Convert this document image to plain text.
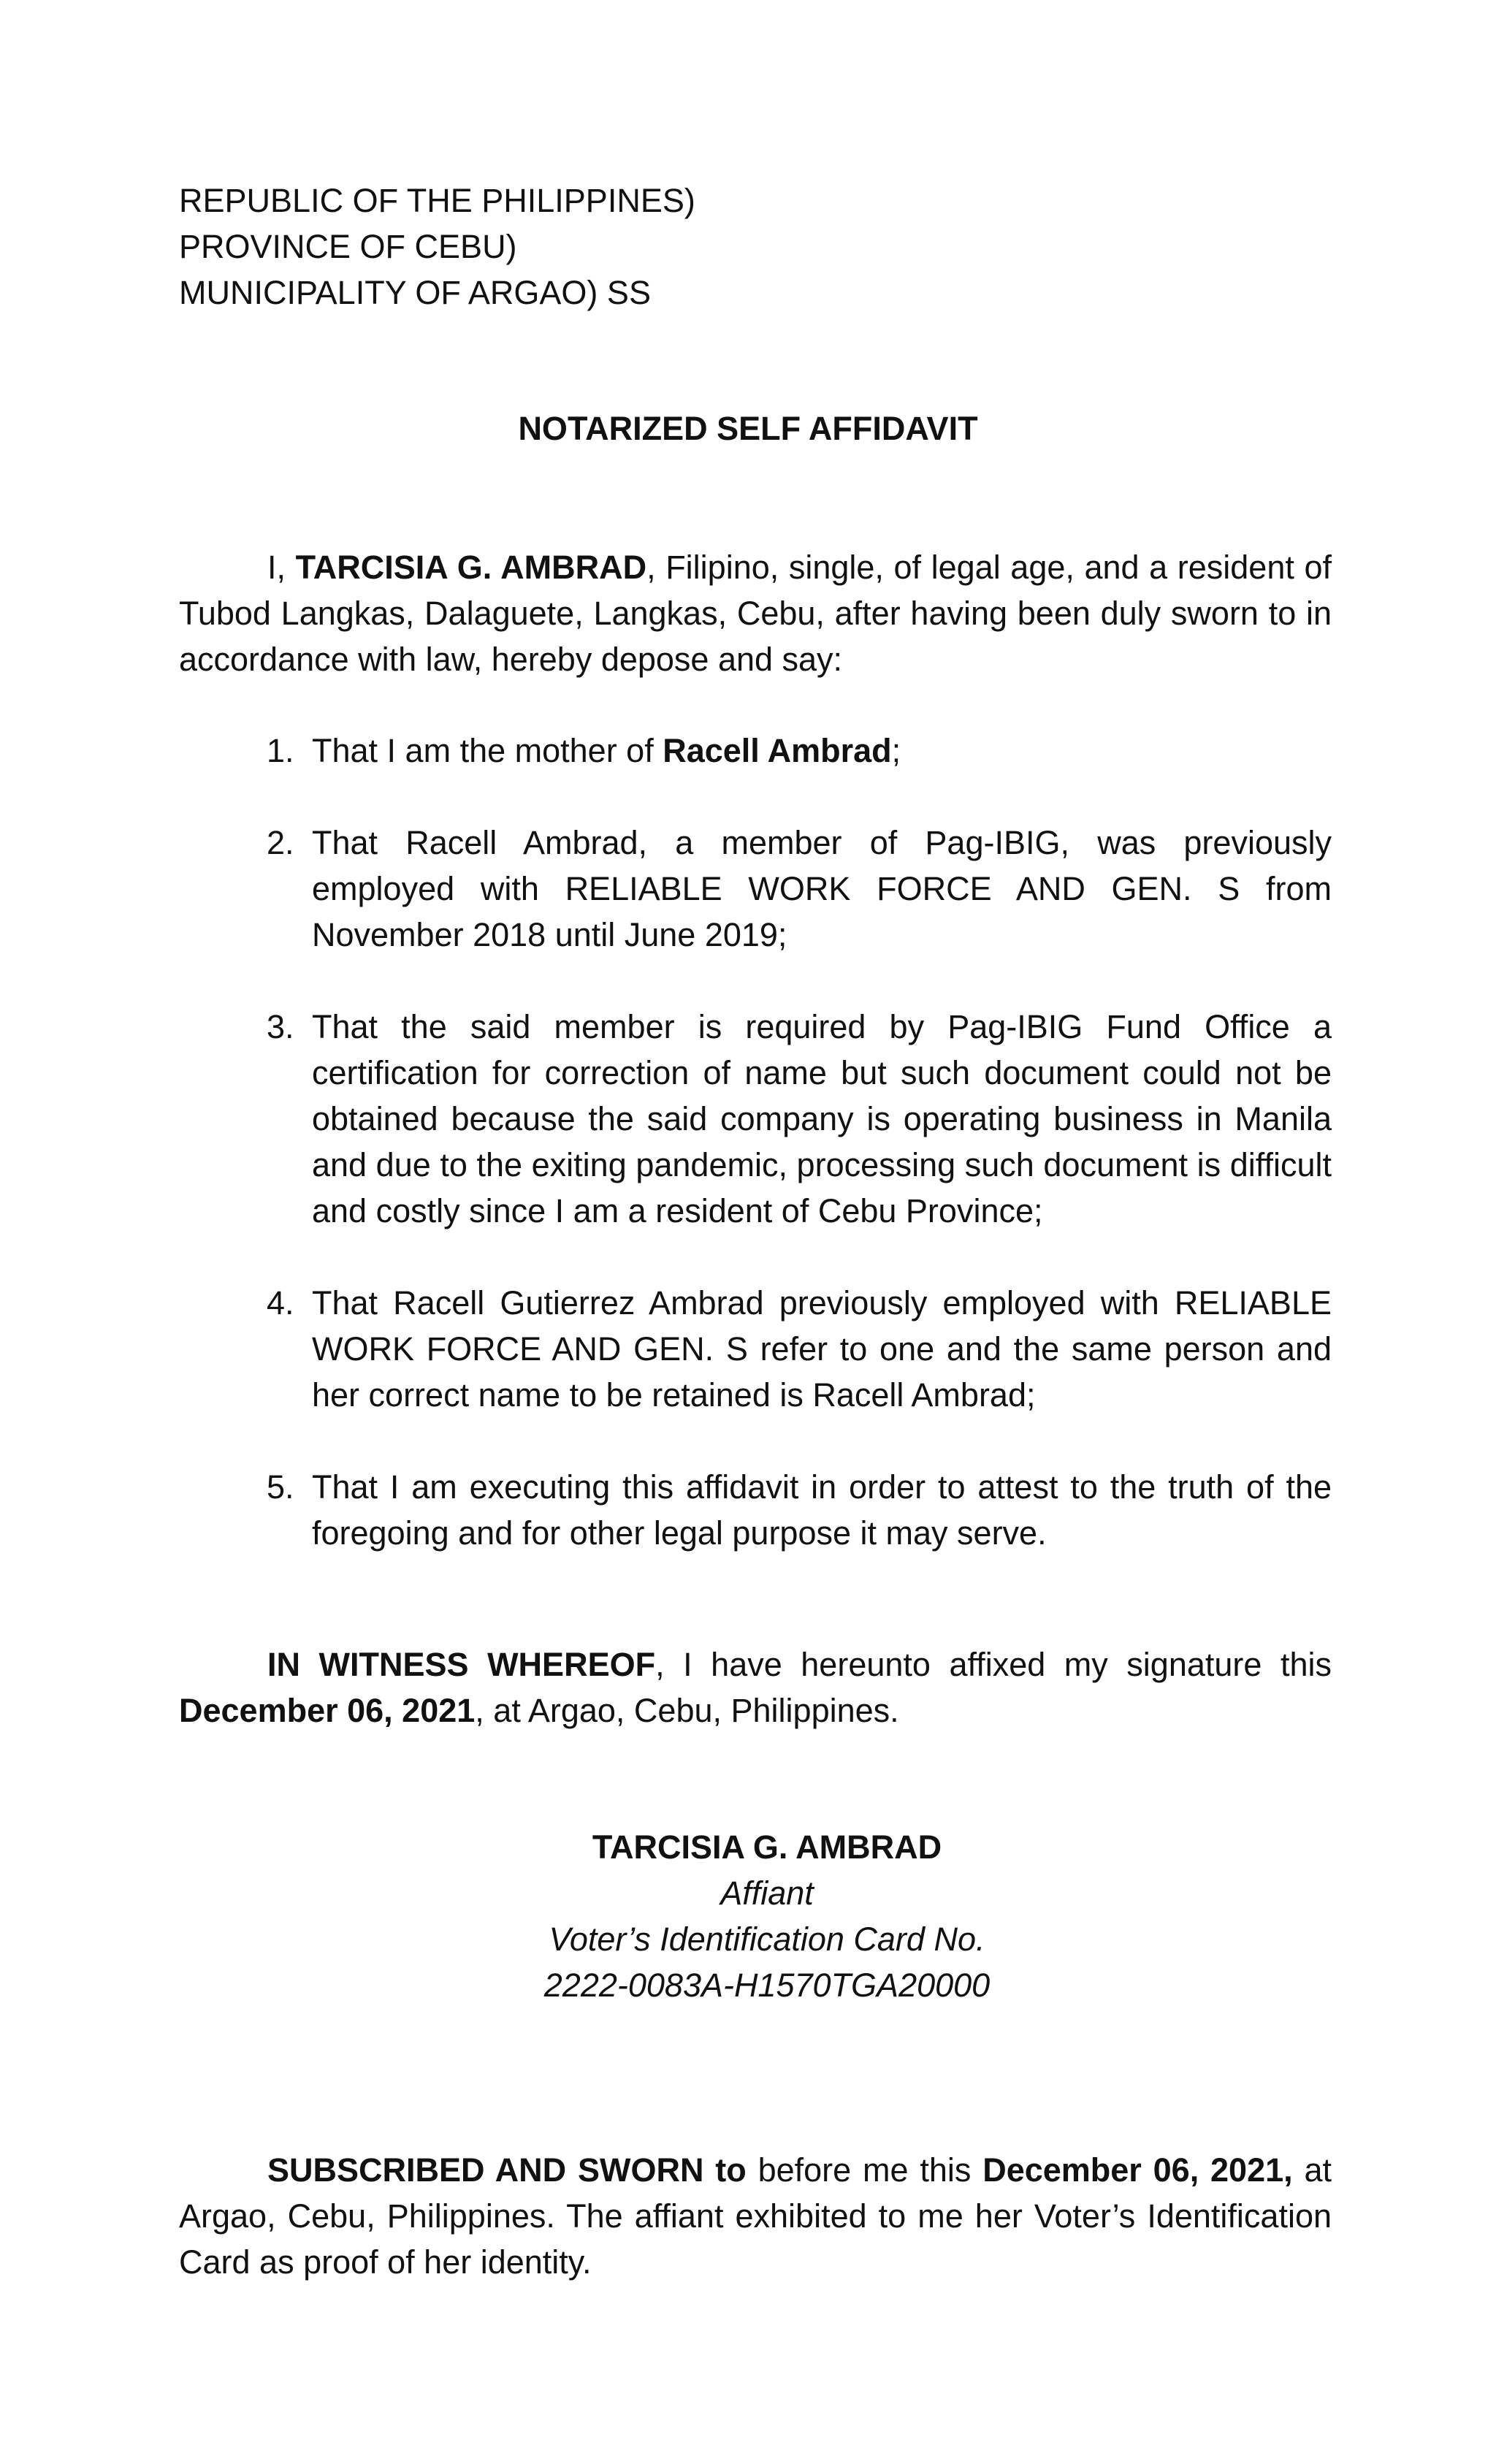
REPUBLIC OF THE PHILIPPINES)
PROVINCE OF CEBU)
MUNICIPALITY OF ARGAO) SS
NOTARIZED SELF AFFIDAVIT
I, TARCISIA G. AMBRAD, Filipino, single, of legal age, and a resident of Tubod Langkas, Dalaguete, Langkas, Cebu, after having been duly sworn to in accordance with law, hereby depose and say:

1. That I am the mother of Racell Ambrad;

2. That Racell Ambrad, a member of Pag-IBIG, was previously employed with RELIABLE WORK FORCE AND GEN. S from November 2018 until June 2019;

3. That the said member is required by Pag-IBIG Fund Office a certification for correction of name but such document could not be obtained because the said company is operating business in Manila and due to the exiting pandemic, processing such document is difficult and costly since I am a resident of Cebu Province;

4. That Racell Gutierrez Ambrad previously employed with RELIABLE WORK FORCE AND GEN. S refer to one and the same person and her correct name to be retained is Racell Ambrad;

5. That I am executing this affidavit in order to attest to the truth of the foregoing and for other legal purpose it may serve.

IN WITNESS WHEREOF, I have hereunto affixed my signature this December 06, 2021, at Argao, Cebu, Philippines.
TARCISIA G. AMBRAD
Affiant
Voter’s Identification Card No.
2222-0083A-H1570TGA20000
SUBSCRIBED AND SWORN to before me this December 06, 2021, at Argao, Cebu, Philippines. The affiant exhibited to me her Voter’s Identification Card as proof of her identity.
